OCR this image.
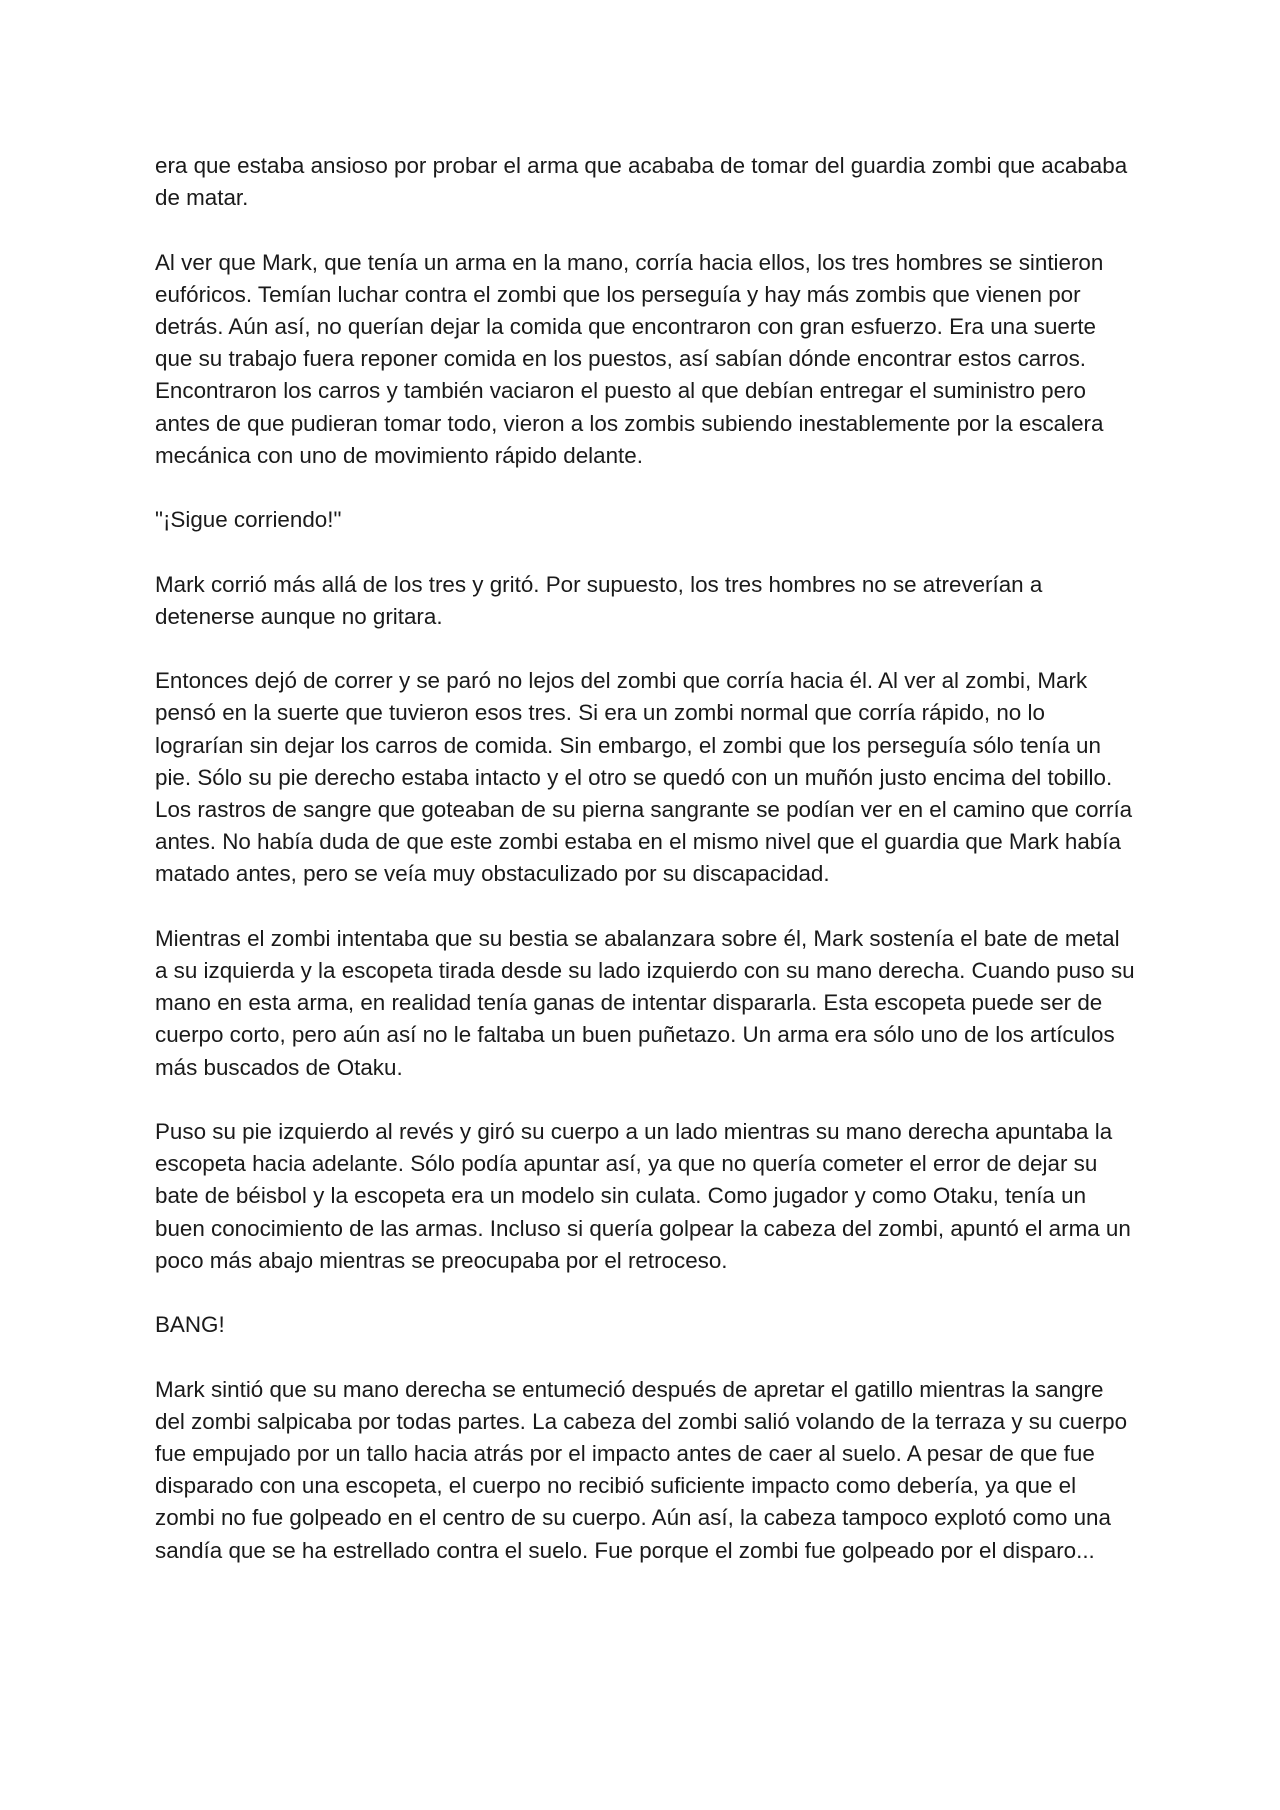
era que estaba ansioso por probar el arma que acababa de tomar del guardia zombi que acababa de matar.

Al ver que Mark, que tenía un arma en la mano, corría hacia ellos, los tres hombres se sintieron eufóricos. Temían luchar contra el zombi que los perseguía y hay más zombis que vienen por detrás. Aún así, no querían dejar la comida que encontraron con gran esfuerzo. Era una suerte que su trabajo fuera reponer comida en los puestos, así sabían dónde encontrar estos carros. Encontraron los carros y también vaciaron el puesto al que debían entregar el suministro pero antes de que pudieran tomar todo, vieron a los zombis subiendo inestablemente por la escalera mecánica con uno de movimiento rápido delante.

"¡Sigue corriendo!"

Mark corrió más allá de los tres y gritó. Por supuesto, los tres hombres no se atreverían a detenerse aunque no gritara.

Entonces dejó de correr y se paró no lejos del zombi que corría hacia él. Al ver al zombi, Mark pensó en la suerte que tuvieron esos tres. Si era un zombi normal que corría rápido, no lo lograrían sin dejar los carros de comida. Sin embargo, el zombi que los perseguía sólo tenía un pie. Sólo su pie derecho estaba intacto y el otro se quedó con un muñón justo encima del tobillo. Los rastros de sangre que goteaban de su pierna sangrante se podían ver en el camino que corría antes. No había duda de que este zombi estaba en el mismo nivel que el guardia que Mark había matado antes, pero se veía muy obstaculizado por su discapacidad.

Mientras el zombi intentaba que su bestia se abalanzara sobre él, Mark sostenía el bate de metal a su izquierda y la escopeta tirada desde su lado izquierdo con su mano derecha. Cuando puso su mano en esta arma, en realidad tenía ganas de intentar dispararla. Esta escopeta puede ser de cuerpo corto, pero aún así no le faltaba un buen puñetazo. Un arma era sólo uno de los artículos más buscados de Otaku.

Puso su pie izquierdo al revés y giró su cuerpo a un lado mientras su mano derecha apuntaba la escopeta hacia adelante. Sólo podía apuntar así, ya que no quería cometer el error de dejar su bate de béisbol y la escopeta era un modelo sin culata. Como jugador y como Otaku, tenía un buen conocimiento de las armas. Incluso si quería golpear la cabeza del zombi, apuntó el arma un poco más abajo mientras se preocupaba por el retroceso.

BANG!

Mark sintió que su mano derecha se entumeció después de apretar el gatillo mientras la sangre del zombi salpicaba por todas partes. La cabeza del zombi salió volando de la terraza y su cuerpo fue empujado por un tallo hacia atrás por el impacto antes de caer al suelo. A pesar de que fue disparado con una escopeta, el cuerpo no recibió suficiente impacto como debería, ya que el zombi no fue golpeado en el centro de su cuerpo. Aún así, la cabeza tampoco explotó como una sandía que se ha estrellado contra el suelo. Fue porque el zombi fue golpeado por el disparo...
